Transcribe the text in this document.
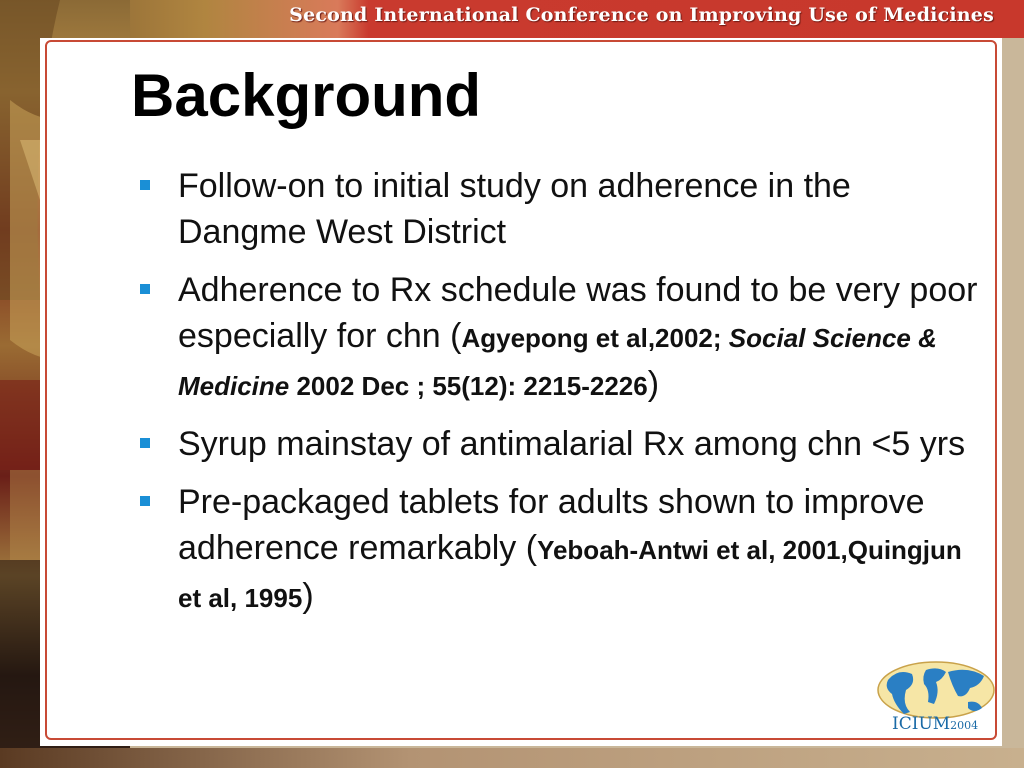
Second International Conference on Improving Use of Medicines
Background
Follow-on to initial study on adherence in the Dangme West District
Adherence to Rx schedule was found to be very poor especially for chn (Agyepong et al,2002; Social Science & Medicine 2002 Dec ; 55(12): 2215-2226)
Syrup mainstay of antimalarial Rx among chn <5 yrs
Pre-packaged tablets for adults shown to improve adherence remarkably (Yeboah-Antwi et al, 2001,Quingjun et al, 1995)
ICIUM2004
